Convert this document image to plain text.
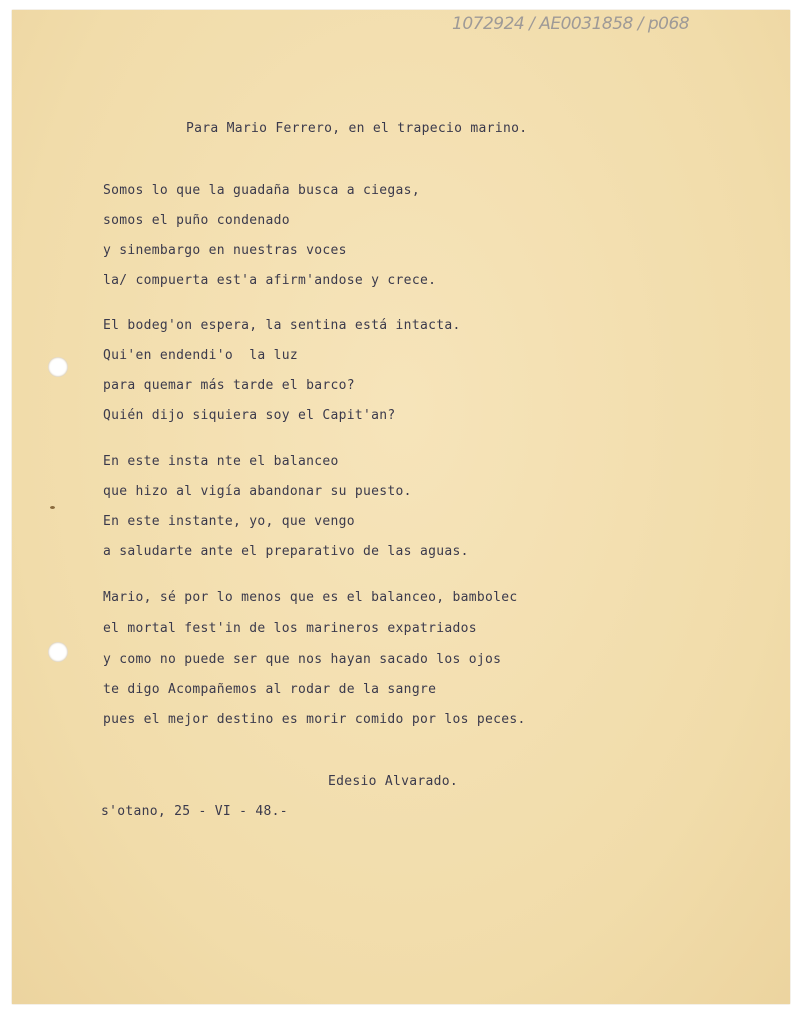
1072924 / AE0031858 / p068
Para Mario Ferrero, en el trapecio marino.
Somos lo que la guadaña busca a ciegas,
somos el puño condenado
y sinembargo en nuestras voces
la/ compuerta est'a afirm'andose y crece.
El bodeg'on espera, la sentina está intacta.
Qui'en endendi'o  la luz
para quemar más tarde el barco?
Quién dijo siquiera soy el Capit'an?
En este insta nte el balanceo
que hizo al vigía abandonar su puesto.
En este instante, yo, que vengo
a saludarte ante el preparativo de las aguas.
Mario, sé por lo menos que es el balanceo, bambolec
el mortal fest'in de los marineros expatriados
y como no puede ser que nos hayan sacado los ojos
te digo Acompañemos al rodar de la sangre
pues el mejor destino es morir comido por los peces.
Edesio Alvarado.
s'otano, 25 - VI - 48.-
